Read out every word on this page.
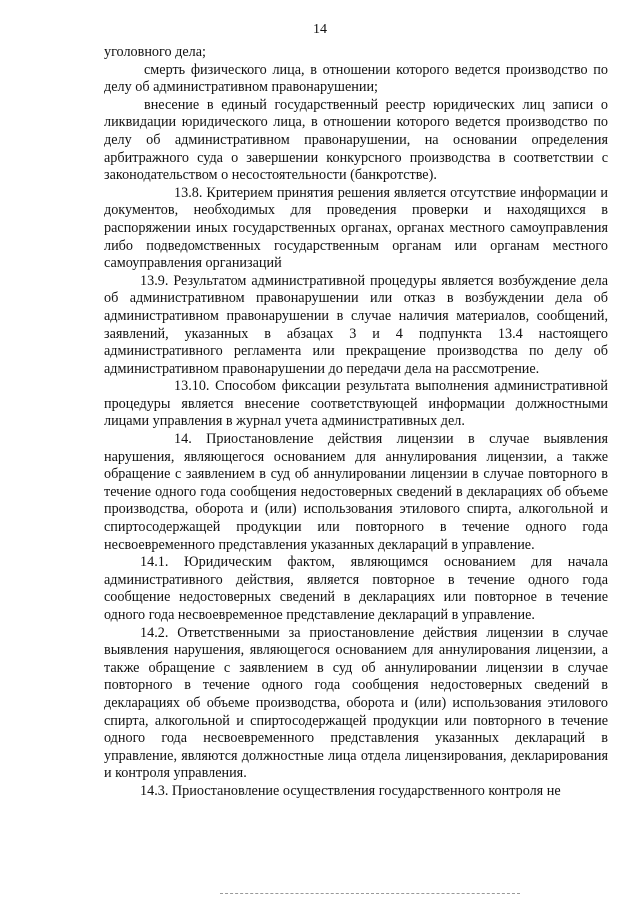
14

уголовного дела;

смерть физического лица, в отношении которого ведется производство по делу об административном правонарушении;

внесение в единый государственный реестр юридических лиц записи о ликвидации юридического лица, в отношении которого ведется производство по делу об административном правонарушении, на основании определения арбитражного суда о завершении конкурсного производства в соответствии с законодательством о несостоятельности (банкротстве).

13.8. Критерием принятия решения является отсутствие информации и документов, необходимых для проведения проверки и находящихся в распоряжении иных государственных органах, органах местного самоуправления либо подведомственных государственным органам или органам местного самоуправления организаций

13.9. Результатом административной процедуры является возбуждение дела об административном правонарушении или отказ в возбуждении дела об административном правонарушении в случае наличия материалов, сообщений, заявлений, указанных в абзацах 3 и 4 подпункта 13.4 настоящего административного регламента или прекращение производства по делу об административном правонарушении до передачи дела на рассмотрение.

13.10. Способом фиксации результата выполнения административной процедуры является внесение соответствующей информации должностными лицами управления в журнал учета административных дел.

14. Приостановление действия лицензии в случае выявления нарушения, являющегося основанием для аннулирования лицензии, а также обращение с заявлением в суд об аннулировании лицензии в случае повторного в течение одного года сообщения недостоверных сведений в декларациях об объеме производства, оборота и (или) использования этилового спирта, алкогольной и спиртосодержащей продукции или повторного в течение одного года несвоевременного представления указанных деклараций в управление.

14.1. Юридическим фактом, являющимся основанием для начала административного действия, является повторное в течение одного года сообщение недостоверных сведений в декларациях или повторное в течение одного года несвоевременное представление деклараций в управление.

14.2. Ответственными за приостановление действия лицензии в случае выявления нарушения, являющегося основанием для аннулирования лицензии, а также обращение с заявлением в суд об аннулировании лицензии в случае повторного в течение одного года сообщения недостоверных сведений в декларациях об объеме производства, оборота и (или) использования этилового спирта, алкогольной и спиртосодержащей продукции или повторного в течение одного года несвоевременного представления указанных деклараций в управление, являются должностные лица отдела лицензирования, декларирования и контроля управления.

14.3. Приостановление осуществления государственного контроля не
